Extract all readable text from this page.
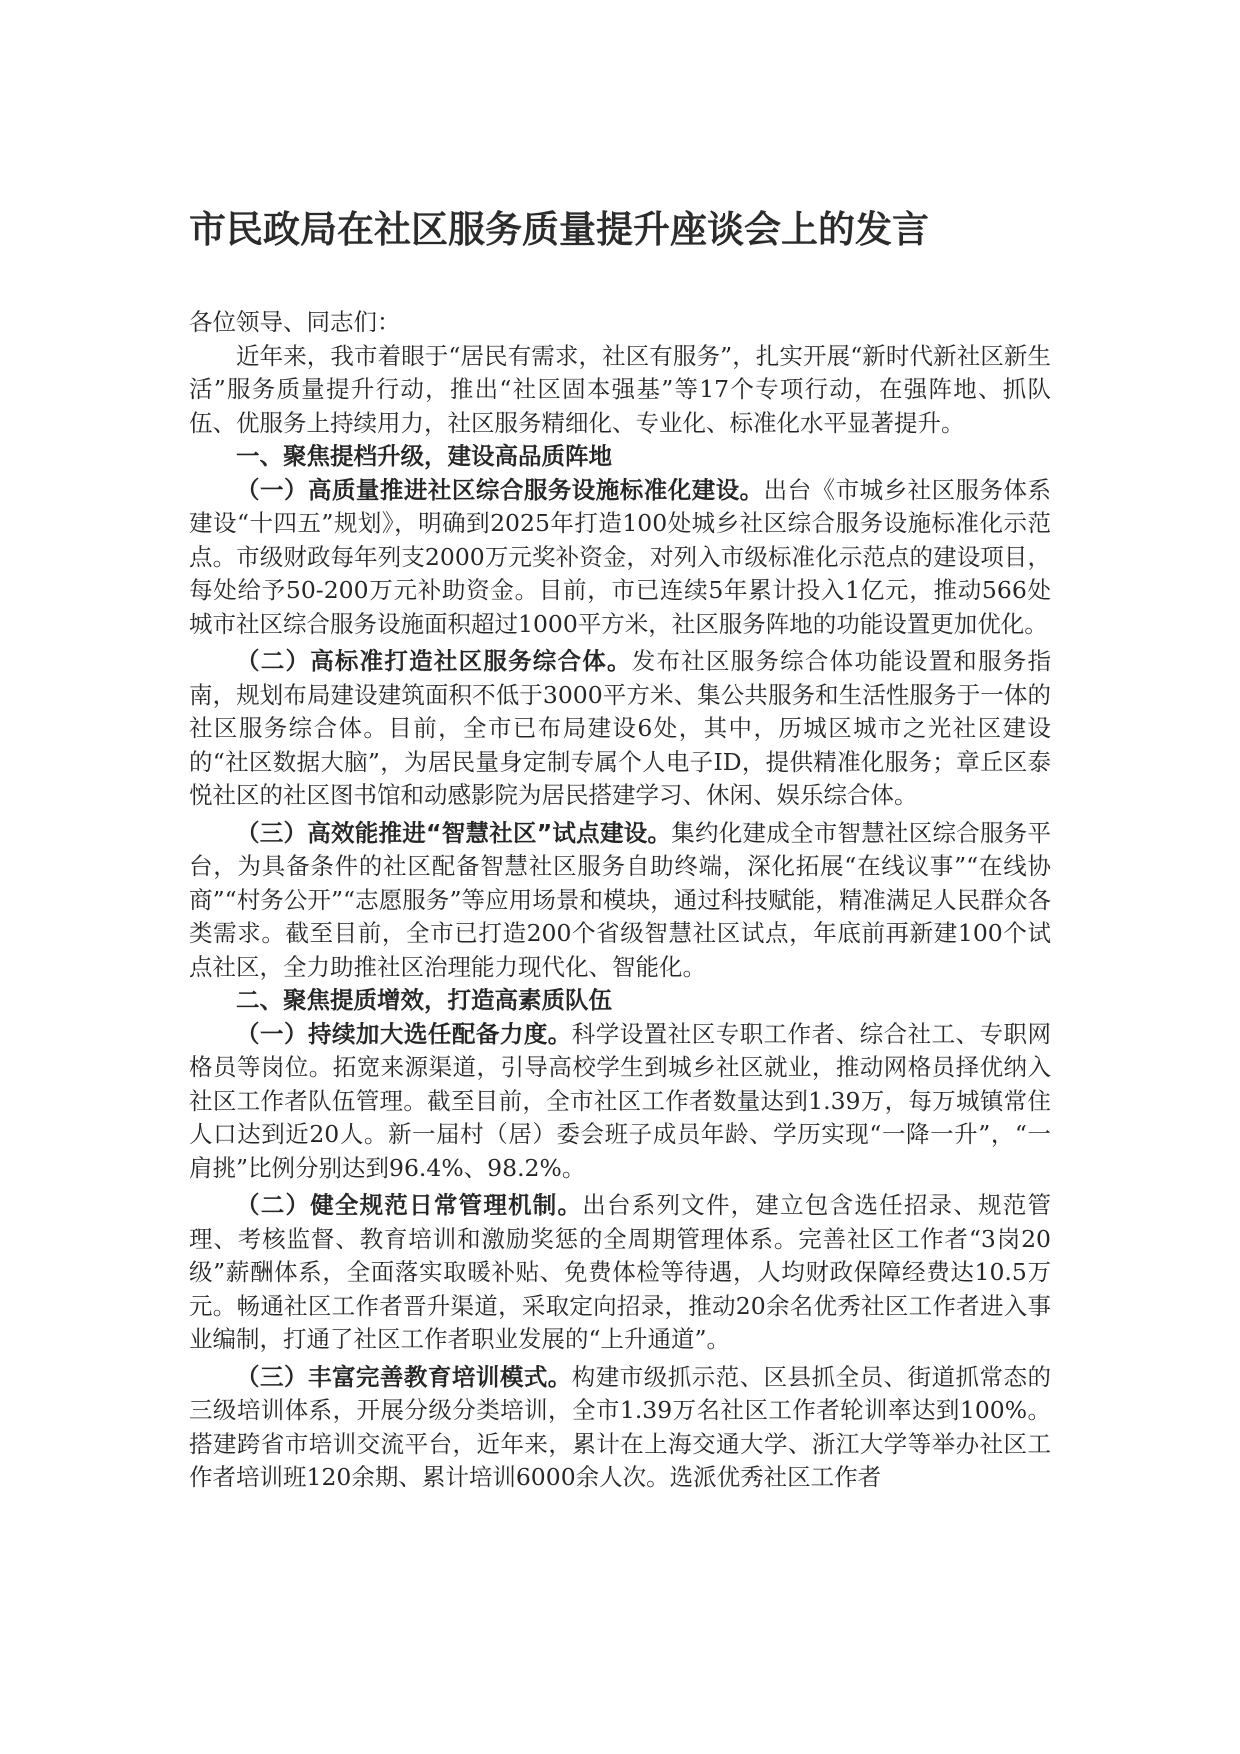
市民政局在社区服务质量提升座谈会上的发言

各位领导、同志们：

近年来，我市着眼于“居民有需求，社区有服务”，扎实开展“新时代新社区新生活”服务质量提升行动，推出“社区固本强基”等17个专项行动，在强阵地、抓队伍、优服务上持续用力，社区服务精细化、专业化、标准化水平显著提升。

一、聚焦提档升级，建设高品质阵地

（一）高质量推进社区综合服务设施标准化建设。出台《市城乡社区服务体系建设“十四五”规划》，明确到2025年打造100处城乡社区综合服务设施标准化示范点。市级财政每年列支2000万元奖补资金，对列入市级标准化示范点的建设项目，每处给予50-200万元补助资金。目前，市已连续5年累计投入1亿元，推动566处城市社区综合服务设施面积超过1000平方米，社区服务阵地的功能设置更加优化。

（二）高标准打造社区服务综合体。发布社区服务综合体功能设置和服务指南，规划布局建设建筑面积不低于3000平方米、集公共服务和生活性服务于一体的社区服务综合体。目前，全市已布局建设6处，其中，历城区城市之光社区建设的“社区数据大脑”，为居民量身定制专属个人电子ID，提供精准化服务；章丘区泰悦社区的社区图书馆和动感影院为居民搭建学习、休闲、娱乐综合体。

（三）高效能推进“智慧社区”试点建设。集约化建成全市智慧社区综合服务平台，为具备条件的社区配备智慧社区服务自助终端，深化拓展“在线议事”“在线协商”“村务公开”“志愿服务”等应用场景和模块，通过科技赋能，精准满足人民群众各类需求。截至目前，全市已打造200个省级智慧社区试点，年底前再新建100个试点社区，全力助推社区治理能力现代化、智能化。

二、聚焦提质增效，打造高素质队伍

（一）持续加大选任配备力度。科学设置社区专职工作者、综合社工、专职网格员等岗位。拓宽来源渠道，引导高校学生到城乡社区就业，推动网格员择优纳入社区工作者队伍管理。截至目前，全市社区工作者数量达到1.39万，每万城镇常住人口达到近20人。新一届村（居）委会班子成员年龄、学历实现“一降一升”，“一肩挑”比例分别达到96.4%、98.2%。

（二）健全规范日常管理机制。出台系列文件，建立包含选任招录、规范管理、考核监督、教育培训和激励奖惩的全周期管理体系。完善社区工作者“3岗20级”薪酬体系，全面落实取暖补贴、免费体检等待遇，人均财政保障经费达10.5万元。畅通社区工作者晋升渠道，采取定向招录，推动20余名优秀社区工作者进入事业编制，打通了社区工作者职业发展的“上升通道”。

（三）丰富完善教育培训模式。构建市级抓示范、区县抓全员、街道抓常态的三级培训体系，开展分级分类培训，全市1.39万名社区工作者轮训率达到100%。搭建跨省市培训交流平台，近年来，累计在上海交通大学、浙江大学等举办社区工作者培训班120余期、累计培训6000余人次。选派优秀社区工作者
